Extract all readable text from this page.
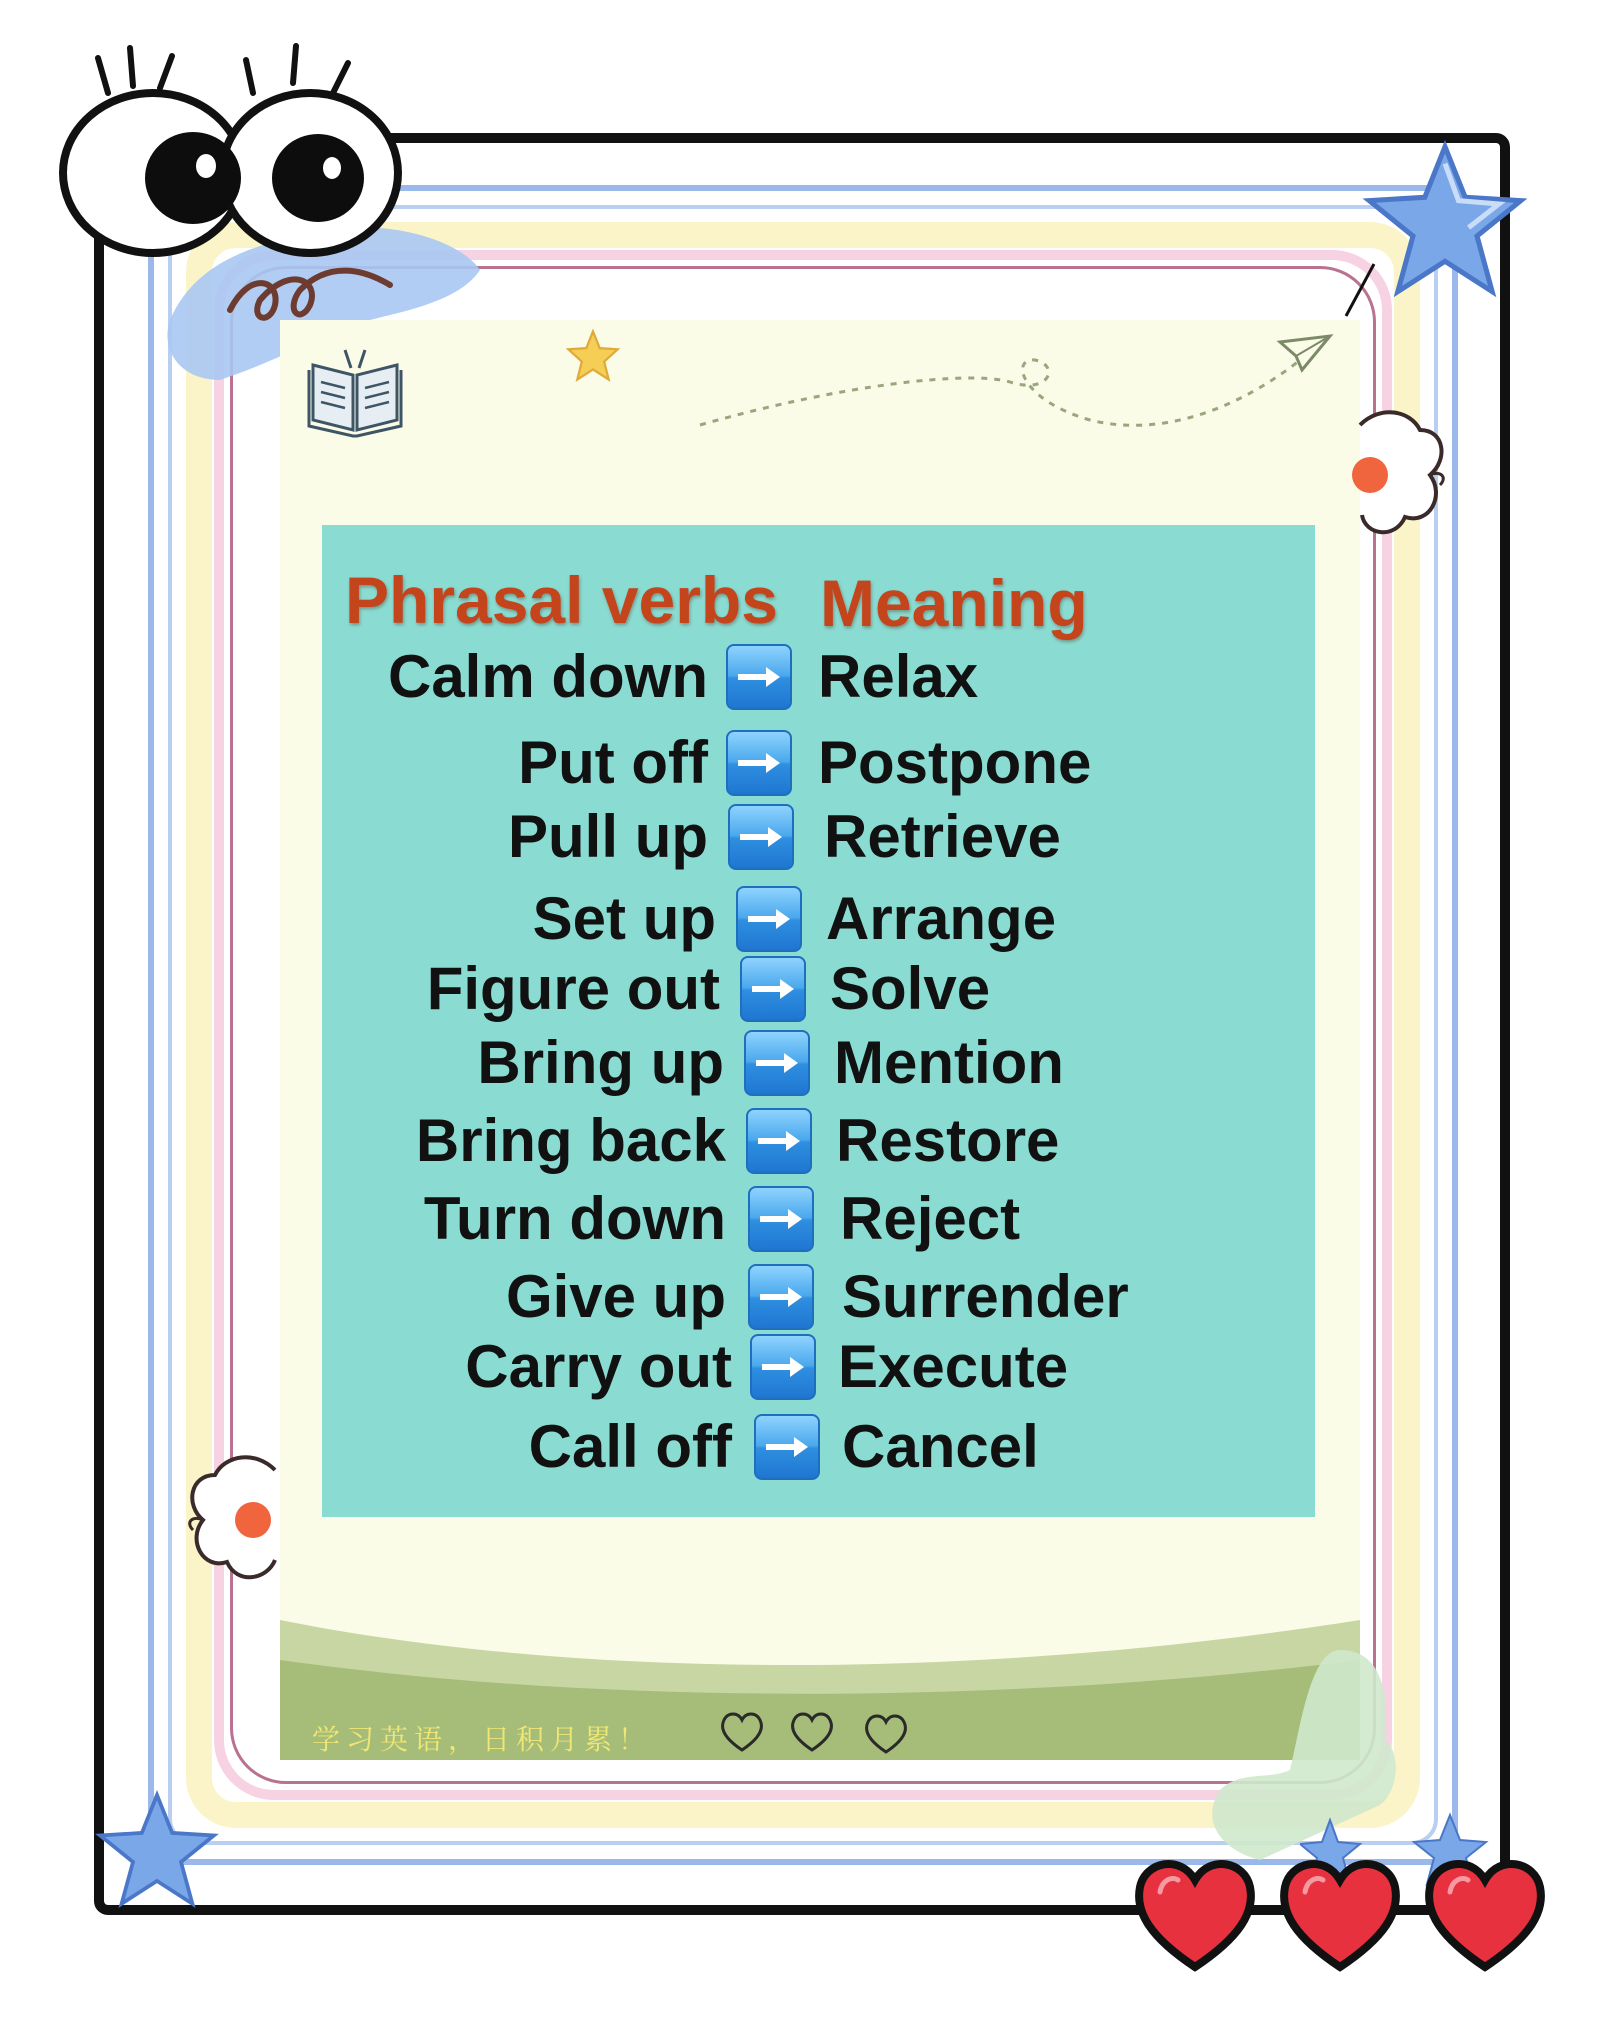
Phrasal verbs Meaning
Calm down Relax
Put off Postpone
Pull up Retrieve
Set up Arrange
Figure out Solve
Bring up Mention
Bring back Restore
Turn down Reject
Give up Surrender
Carry out Execute
Call off Cancel
学习英语，日积月累！
